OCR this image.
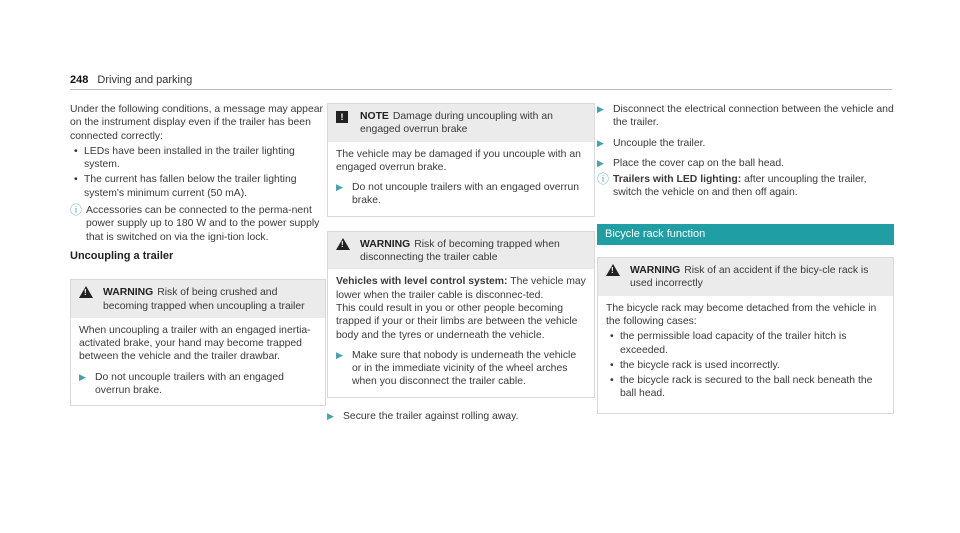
248 Driving and parking

Under the following conditions, a message may appear on the instrument display even if the trailer has been connected correctly:

• LEDs have been installed in the trailer lighting system.
• The current has fallen below the trailer lighting system's minimum current (50 mA).
ⓘ Accessories can be connected to the perma-nent power supply up to 180 W and to the power supply that is switched on via the igni-tion lock.
Uncoupling a trailer
!
WARNING Risk of being crushed and becoming trapped when uncoupling a trailer

When uncoupling a trailer with an engaged inertia-activated brake, your hand may become trapped between the vehicle and the trailer drawbar.

▶ Do not uncouple trailers with an engaged overrun brake.
!	NOTE Damage during uncoupling with an engaged overrun brake

The vehicle may be damaged if you uncouple with an engaged overrun brake.

▶ Do not uncouple trailers with an engaged overrun brake.
!
WARNING Risk of becoming trapped when disconnecting the trailer cable

Vehicles with level control system: The vehicle may lower when the trailer cable is disconnec-ted.

This could result in you or other people becoming trapped if your or their limbs are between the vehicle body and the tyres or underneath the vehicle.

▶ Make sure that nobody is underneath the vehicle or in the immediate vicinity of the wheel arches when you disconnect the trailer cable.
▶ Secure the trailer against rolling away.
▶ Disconnect the electrical connection between the vehicle and the trailer.
▶ Uncouple the trailer.
▶ Place the cover cap on the ball head.
ⓘ Trailers with LED lighting: after uncoupling the trailer, switch the vehicle on and then off again.
Bicycle rack function
!
WARNING Risk of an accident if the bicy-cle rack is used incorrectly

The bicycle rack may become detached from the vehicle in the following cases:

• the permissible load capacity of the trailer hitch is exceeded.
• the bicycle rack is used incorrectly.
• the bicycle rack is secured to the ball neck beneath the ball head.
